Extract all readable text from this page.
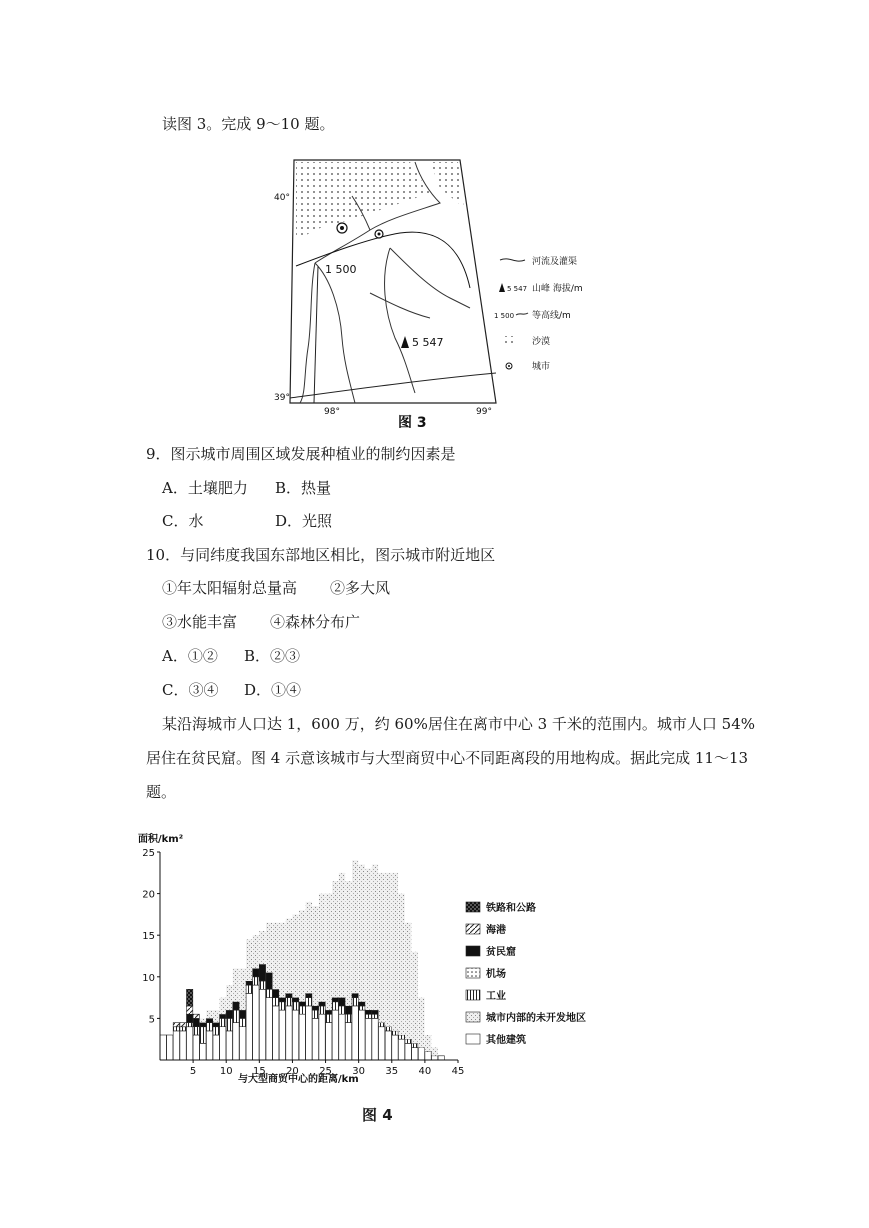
读图 3。完成 9～10 题。
5 547
1 500
40°
39°
98°	99°
图 3
河流及灌渠
5 547 山峰 海拔/m
1 500 等高线/m
沙漠
城市
9．图示城市周围区域发展种植业的制约因素是
A．土壤肥力 B．热量
C．水	D．光照
10．与同纬度我国东部地区相比，图示城市附近地区
①年太阳辐射总量高 ②多大风
③水能丰富 ④森林分布广
A．①② B．②③
C．③④ D．①④
某沿海城市人口达 1，600 万，约 60%居住在离市中心 3 千米的范围内。城市人口 54%
居住在贫民窟。图 4 示意该城市与大型商贸中心不同距离段的用地构成。据此完成 11～13
题。
5 10 15 20 25 30 35 40 45
5
10
15
20
25
面积/km²
与大型商贸中心的距离/km
铁路和公路
海港
贫民窟
机场
工业
城市内部的未开发地区
其他建筑
图 4
